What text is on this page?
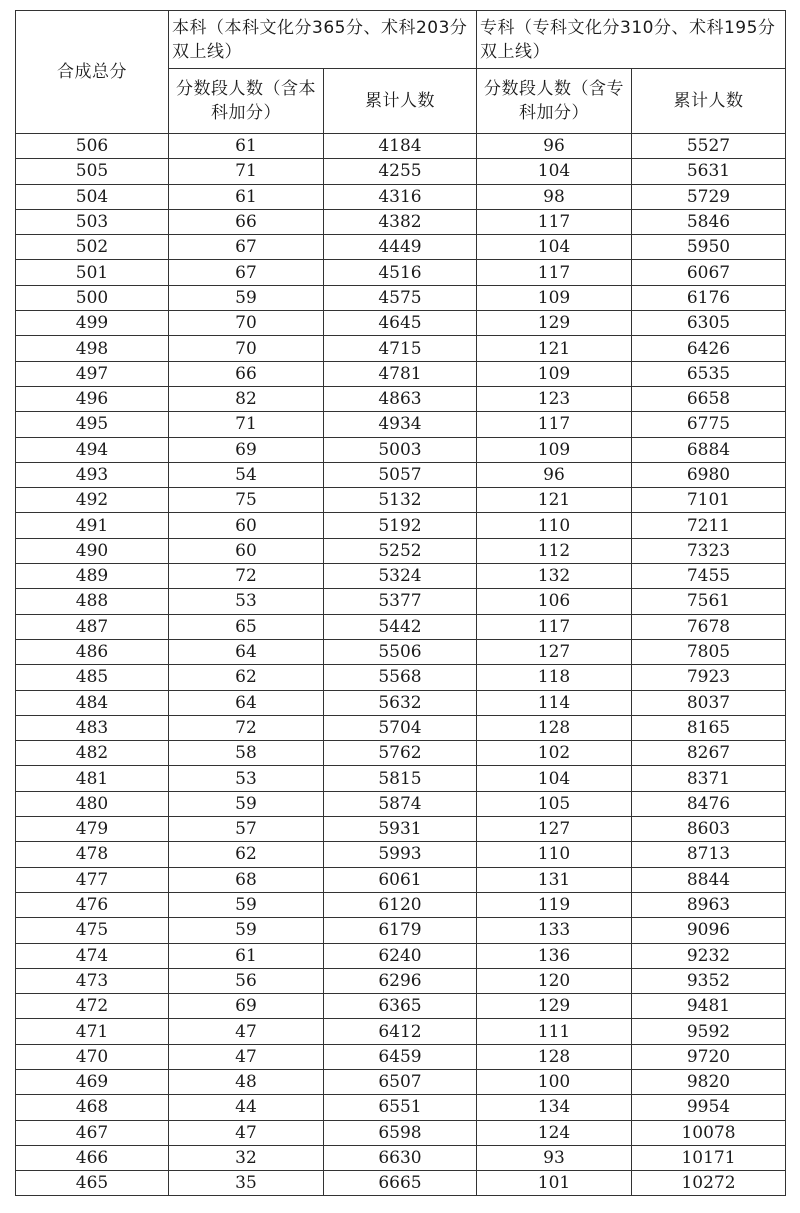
合成总分	本科（本科文化分365分、术科203分双上线）		专科（专科文化分310分、术科195分双上线）	
	分数段人数（含本科加分）	累计人数	分数段人数（含专科加分）	累计人数
506	61	4184	96	5527
505	71	4255	104	5631
504	61	4316	98	5729
503	66	4382	117	5846
502	67	4449	104	5950
501	67	4516	117	6067
500	59	4575	109	6176
499	70	4645	129	6305
498	70	4715	121	6426
497	66	4781	109	6535
496	82	4863	123	6658
495	71	4934	117	6775
494	69	5003	109	6884
493	54	5057	96	6980
492	75	5132	121	7101
491	60	5192	110	7211
490	60	5252	112	7323
489	72	5324	132	7455
488	53	5377	106	7561
487	65	5442	117	7678
486	64	5506	127	7805
485	62	5568	118	7923
484	64	5632	114	8037
483	72	5704	128	8165
482	58	5762	102	8267
481	53	5815	104	8371
480	59	5874	105	8476
479	57	5931	127	8603
478	62	5993	110	8713
477	68	6061	131	8844
476	59	6120	119	8963
475	59	6179	133	9096
474	61	6240	136	9232
473	56	6296	120	9352
472	69	6365	129	9481
471	47	6412	111	9592
470	47	6459	128	9720
469	48	6507	100	9820
468	44	6551	134	9954
467	47	6598	124	10078
466	32	6630	93	10171
465	35	6665	101	10272
